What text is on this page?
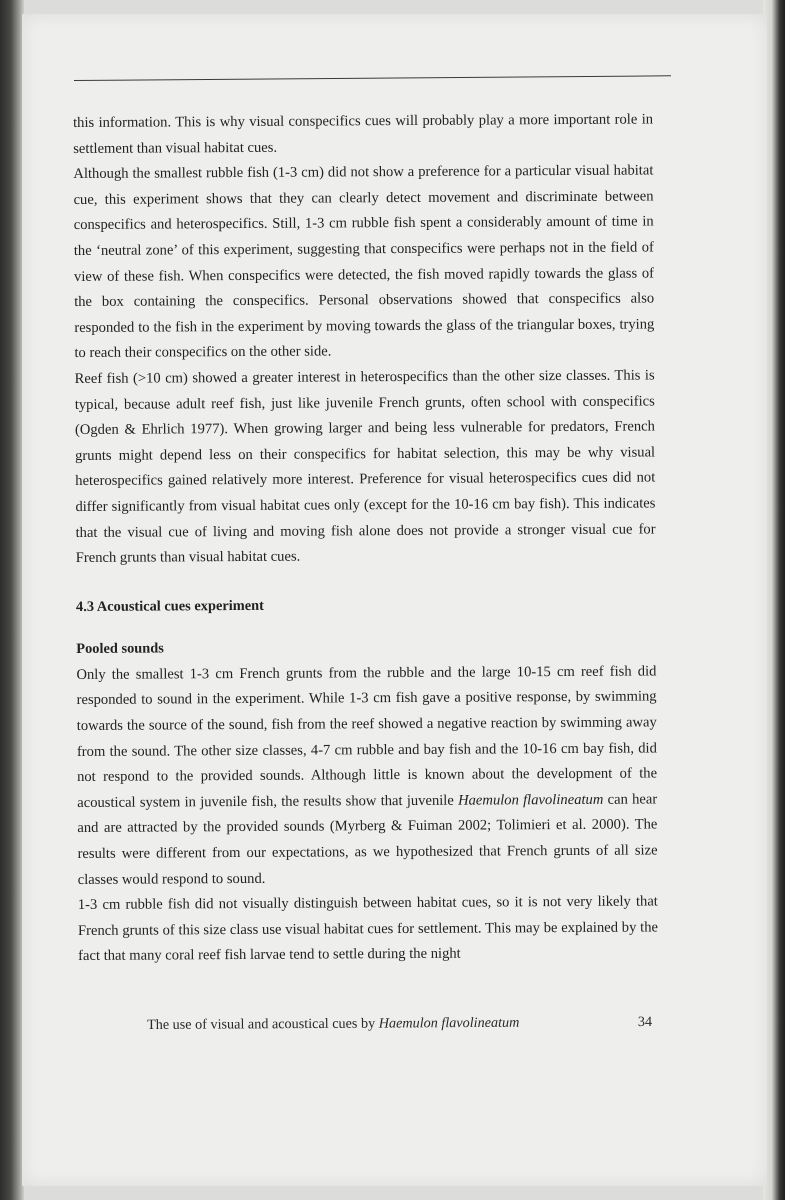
this information. This is why visual conspecifics cues will probably play a more important role in settlement than visual habitat cues.

Although the smallest rubble fish (1-3 cm) did not show a preference for a particular visual habitat cue, this experiment shows that they can clearly detect movement and discriminate between conspecifics and heterospecifics. Still, 1-3 cm rubble fish spent a considerably amount of time in the ‘neutral zone’ of this experiment, suggesting that conspecifics were perhaps not in the field of view of these fish. When conspecifics were detected, the fish moved rapidly towards the glass of the box containing the conspecifics. Personal observations showed that conspecifics also responded to the fish in the experiment by moving towards the glass of the triangular boxes, trying to reach their conspecifics on the other side.

Reef fish (>10 cm) showed a greater interest in heterospecifics than the other size classes. This is typical, because adult reef fish, just like juvenile French grunts, often school with conspecifics (Ogden & Ehrlich 1977). When growing larger and being less vulnerable for predators, French grunts might depend less on their conspecifics for habitat selection, this may be why visual heterospecifics gained relatively more interest. Preference for visual heterospecifics cues did not differ significantly from visual habitat cues only (except for the 10-16 cm bay fish). This indicates that the visual cue of living and moving fish alone does not provide a stronger visual cue for French grunts than visual habitat cues.

4.3 Acoustical cues experiment
Pooled sounds

Only the smallest 1-3 cm French grunts from the rubble and the large 10-15 cm reef fish did responded to sound in the experiment. While 1-3 cm fish gave a positive response, by swimming towards the source of the sound, fish from the reef showed a negative reaction by swimming away from the sound. The other size classes, 4-7 cm rubble and bay fish and the 10-16 cm bay fish, did not respond to the provided sounds. Although little is known about the development of the acoustical system in juvenile fish, the results show that juvenile Haemulon flavolineatum can hear and are attracted by the provided sounds (Myrberg & Fuiman 2002; Tolimieri et al. 2000). The results were different from our expectations, as we hypothesized that French grunts of all size classes would respond to sound.

1-3 cm rubble fish did not visually distinguish between habitat cues, so it is not very likely that French grunts of this size class use visual habitat cues for settlement. This may be explained by the fact that many coral reef fish larvae tend to settle during the night

The use of visual and acoustical cues by Haemulon flavolineatum	34
